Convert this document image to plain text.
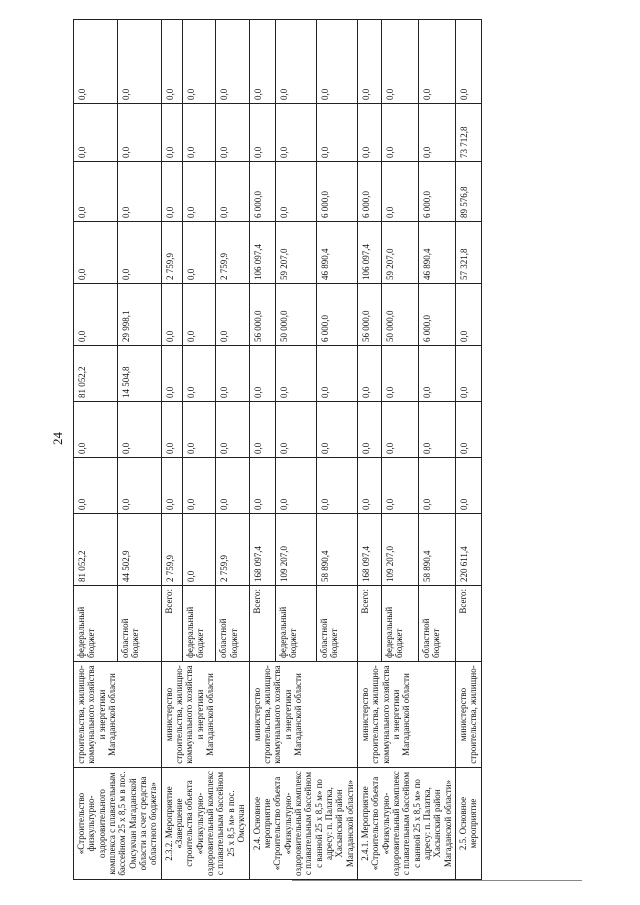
24
«Строительство физкультурно-оздоровительного комплекса с плавательным бассейном 25 х 8,5 м в пос. Омсукчан Магаданской области за счет средства областного бюджета»	строительства, жилищно-коммунального хозяйства и энергетики Магаданской области	федеральный бюджет	81 052,2	0,0	0,0	81 052,2	0,0	0,0	0,0	0,0	0,0
		областной бюджет	44 502,9	0,0	0,0	14 504,8	29 998,1	0,0	0,0	0,0	0,0
2.3.2. Мероприятие «Завершение строительства объекта «Физкультурно-оздоровительный комплекс с плавательным бассейном 25 х 8,5 м» в пос. Омсукчан	министерство строительства, жилищно-коммунального хозяйства и энергетики Магаданской области	Всего:	2 759,9	0,0	0,0	0,0	0,0	2 759,9	0,0	0,0	0,0
		федеральный бюджет	0,0	0,0	0,0	0,0	0,0	0,0	0,0	0,0	0,0
		областной бюджет	2 759,9	0,0	0,0	0,0	0,0	2 759,9	0,0	0,0	0,0
2.4. Основное мероприятие «Строительство объекта «Физкультурно-оздоровительный комплекс с плавательным бассейном с ванной 25 х 8,5 м» по адресу: п. Палатка, Хасынский район Магаданской области»	министерство строительства, жилищно-коммунального хозяйства и энергетики Магаданской области	Всего:	168 097,4	0,0	0,0	0,0	56 000,0	106 097,4	6 000,0	0,0	0,0
		федеральный бюджет	109 207,0	0,0	0,0	0,0	50 000,0	59 207,0	0,0	0,0	0,0
		областной бюджет	58 890,4	0,0	0,0	0,0	6 000,0	46 890,4	6 000,0	0,0	0,0
2.4.1. Мероприятие «Строительство объекта «Физкультурно-оздоровительный комплекс с плавательным бассейном с ванной 25 х 8,5 м» по адресу: п. Палатка, Хасынский район Магаданской области»	министерство строительства, жилищно-коммунального хозяйства и энергетики Магаданской области	Всего:	168 097,4	0,0	0,0	0,0	56 000,0	106 097,4	6 000,0	0,0	0,0
		федеральный бюджет	109 207,0	0,0	0,0	0,0	50 000,0	59 207,0	0,0	0,0	0,0
		областной бюджет	58 890,4	0,0	0,0	0,0	6 000,0	46 890,4	6 000,0	0,0	0,0
2.5. Основное мероприятие	министерство строительства, жилищно-	Всего:	220 611,4	0,0	0,0	0,0	0,0	57 321,8	89 576,8	73 712,8	0,0
